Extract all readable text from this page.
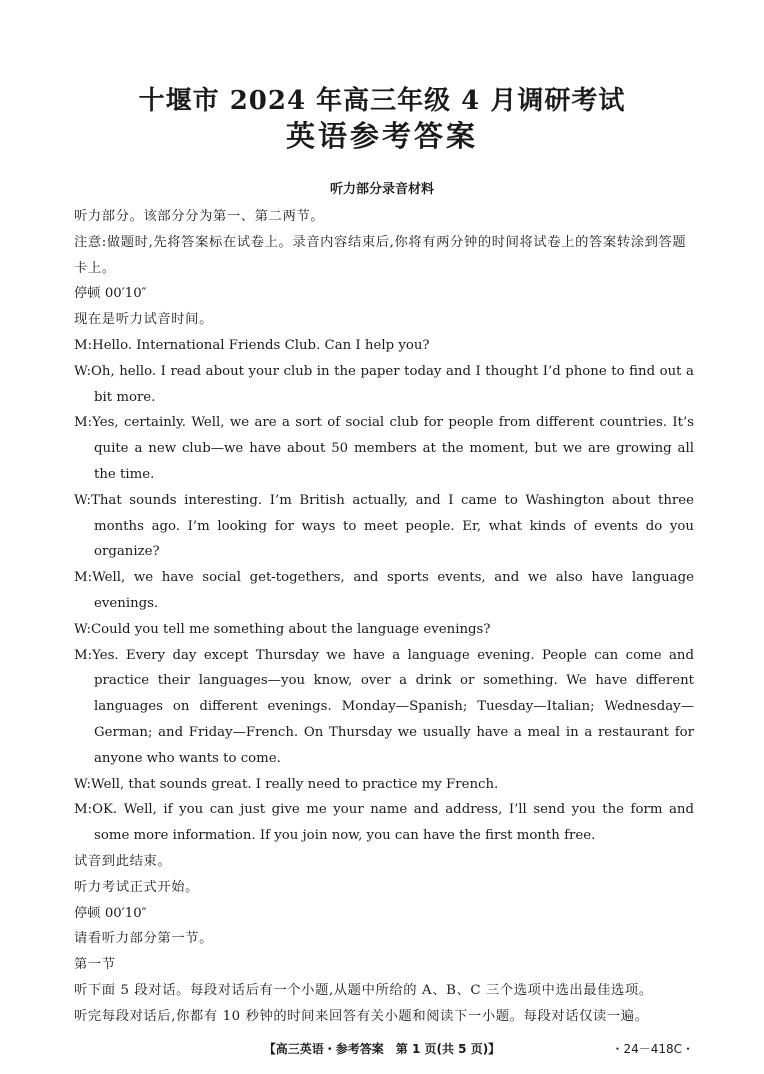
十堰市 2024 年高三年级 4 月调研考试
英语参考答案
听力部分录音材料

听力部分。该部分分为第一、第二两节。

注意:做题时,先将答案标在试卷上。录音内容结束后,你将有两分钟的时间将试卷上的答案转涂到答题卡上。

停顿 00′10″

现在是听力试音时间。

M:Hello. International Friends Club. Can I help you?

W:Oh, hello. I read about your club in the paper today and I thought I’d phone to find out a bit more.

M:Yes, certainly. Well, we are a sort of social club for people from different countries. It’s quite a new club—we have about 50 members at the moment, but we are growing all the time.

W:That sounds interesting. I’m British actually, and I came to Washington about three months ago. I’m looking for ways to meet people. Er, what kinds of events do you organize?

M:Well, we have social get-togethers, and sports events, and we also have language evenings.

W:Could you tell me something about the language evenings?

M:Yes. Every day except Thursday we have a language evening. People can come and practice their languages—you know, over a drink or something. We have different languages on different evenings. Monday—Spanish; Tuesday—Italian; Wednesday—German; and Friday—French. On Thursday we usually have a meal in a restaurant for anyone who wants to come.

W:Well, that sounds great. I really need to practice my French.

M:OK. Well, if you can just give me your name and address, I’ll send you the form and some more information. If you join now, you can have the first month free.

试音到此结束。

听力考试正式开始。

停顿 00′10″

请看听力部分第一节。

第一节

听下面 5 段对话。每段对话后有一个小题,从题中所给的 A、B、C 三个选项中选出最佳选项。

听完每段对话后,你都有 10 秒钟的时间来回答有关小题和阅读下一小题。每段对话仅读一遍。

【高三英语・参考答案　第 1 页(共 5 页)】	・24－418C・
